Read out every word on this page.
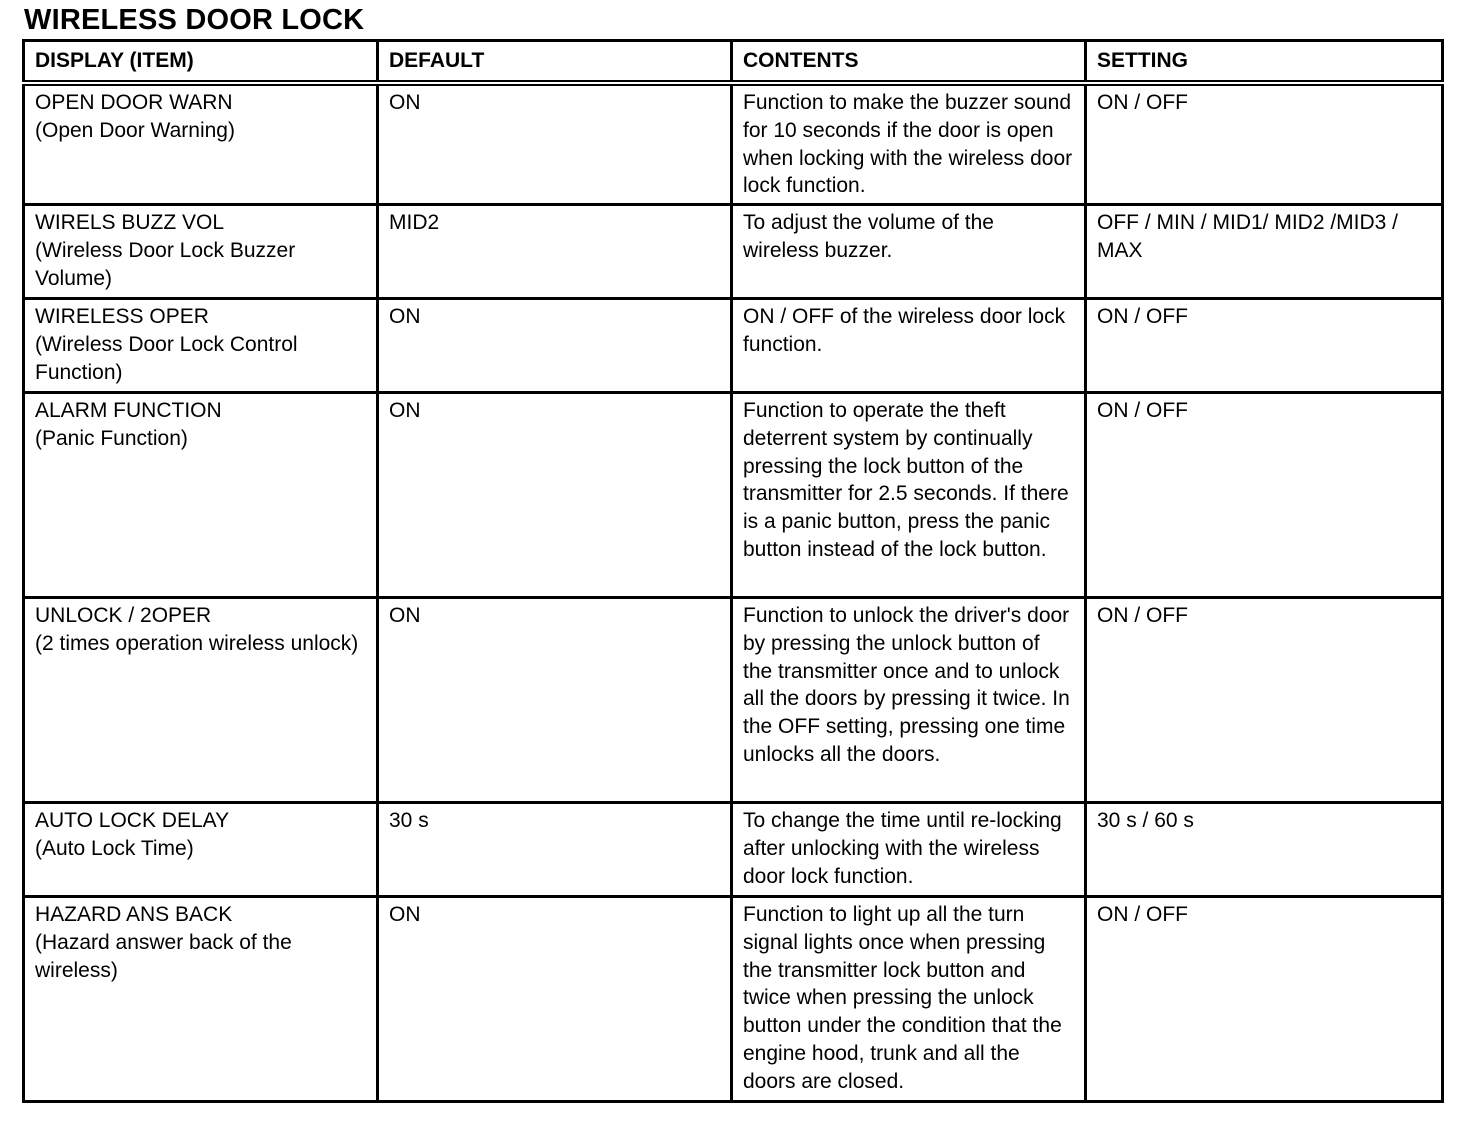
WIRELESS DOOR LOCK
DISPLAY (ITEM)	DEFAULT	CONTENTS	SETTING

OPEN DOOR WARN
(Open Door Warning)	ON	Function to make the buzzer sound for 10 seconds if the door is open when locking with the wireless door lock function.	ON / OFF

WIRELS BUZZ VOL
(Wireless Door Lock Buzzer Volume)	MID2	To adjust the volume of the wireless buzzer.	OFF / MIN / MID1/ MID2 /MID3 / MAX

WIRELESS OPER
(Wireless Door Lock Control Function)	ON	ON / OFF of the wireless door lock function.	ON / OFF

ALARM FUNCTION
(Panic Function)	ON	Function to operate the theft deterrent system by continually pressing the lock button of the transmitter for 2.5 seconds. If there is a panic button, press the panic button instead of the lock button.	ON / OFF

UNLOCK / 2OPER
(2 times operation wireless unlock)	ON	Function to unlock the driver's door by pressing the unlock button of the transmitter once and to unlock all the doors by pressing it twice. In the OFF setting, pressing one time unlocks all the doors.	ON / OFF

AUTO LOCK DELAY
(Auto Lock Time)	30 s	To change the time until re-locking after unlocking with the wireless door lock function.	30 s / 60 s

HAZARD ANS BACK
(Hazard answer back of the wireless)	ON	Function to light up all the turn signal lights once when pressing the transmitter lock button and twice when pressing the unlock button under the condition that the engine hood, trunk and all the doors are closed.	ON / OFF
